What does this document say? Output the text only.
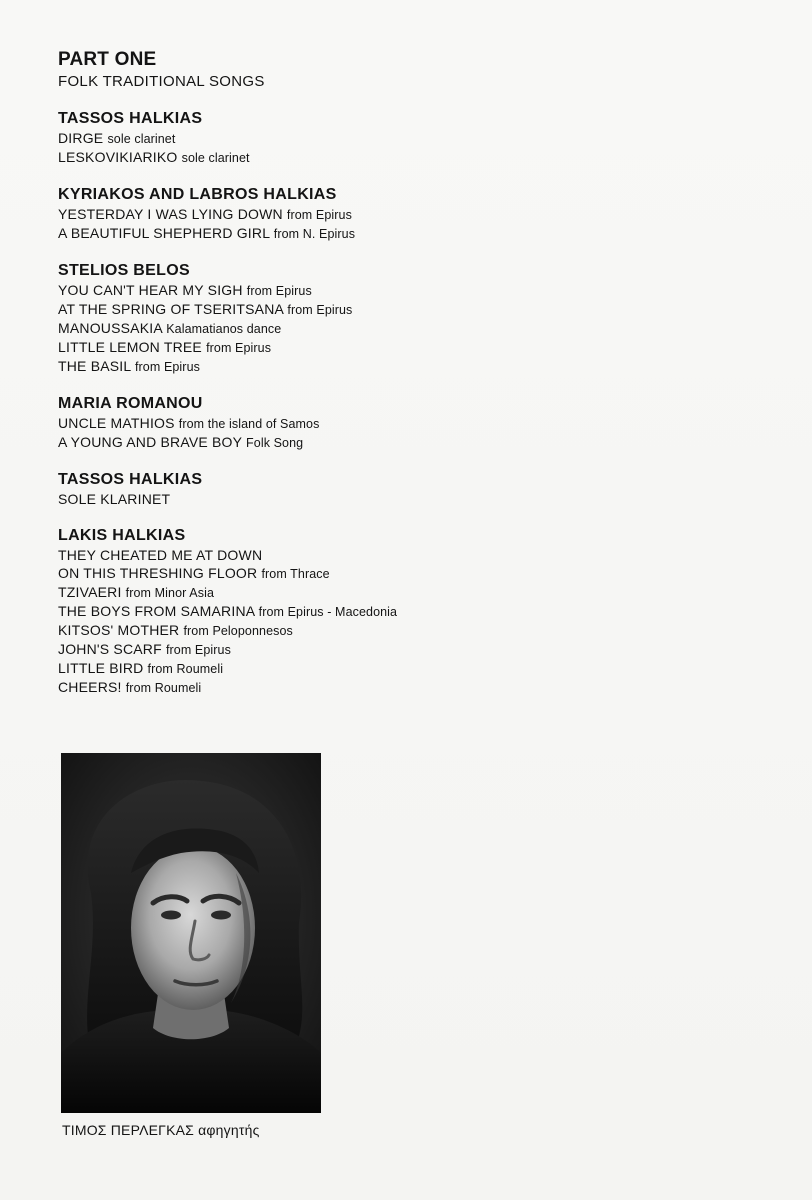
PART ONE
FOLK TRADITIONAL SONGS
TASSOS HALKIAS
DIRGE sole clarinet
LESKOVIKIARIKO sole clarinet
KYRIAKOS AND LABROS HALKIAS
YESTERDAY I WAS LYING DOWN from Epirus
A BEAUTIFUL SHEPHERD GIRL from N. Epirus
STELIOS BELOS
YOU CAN'T HEAR MY SIGH from Epirus
AT THE SPRING OF TSERITSANA from Epirus
MANOUSSAKIA Kalamatianos dance
LITTLE LEMON TREE from Epirus
THE BASIL from Epirus
MARIA ROMANOU
UNCLE MATHIOS from the island of Samos
A YOUNG AND BRAVE BOY Folk Song
TASSOS HALKIAS
SOLE KLARINET
LAKIS HALKIAS
THEY CHEATED ME AT DOWN
ON THIS THRESHING FLOOR from Thrace
TZIVAERI from Minor Asia
THE BOYS FROM SAMARINA from Epirus - Macedonia
KITSOS' MOTHER from Peloponnesos
JOHN'S SCARF from Epirus
LITTLE BIRD from Roumeli
CHEERS! from Roumeli
ΤΙΜΟΣ ΠΕΡΛΕΓΚΑΣ αφηγητής
